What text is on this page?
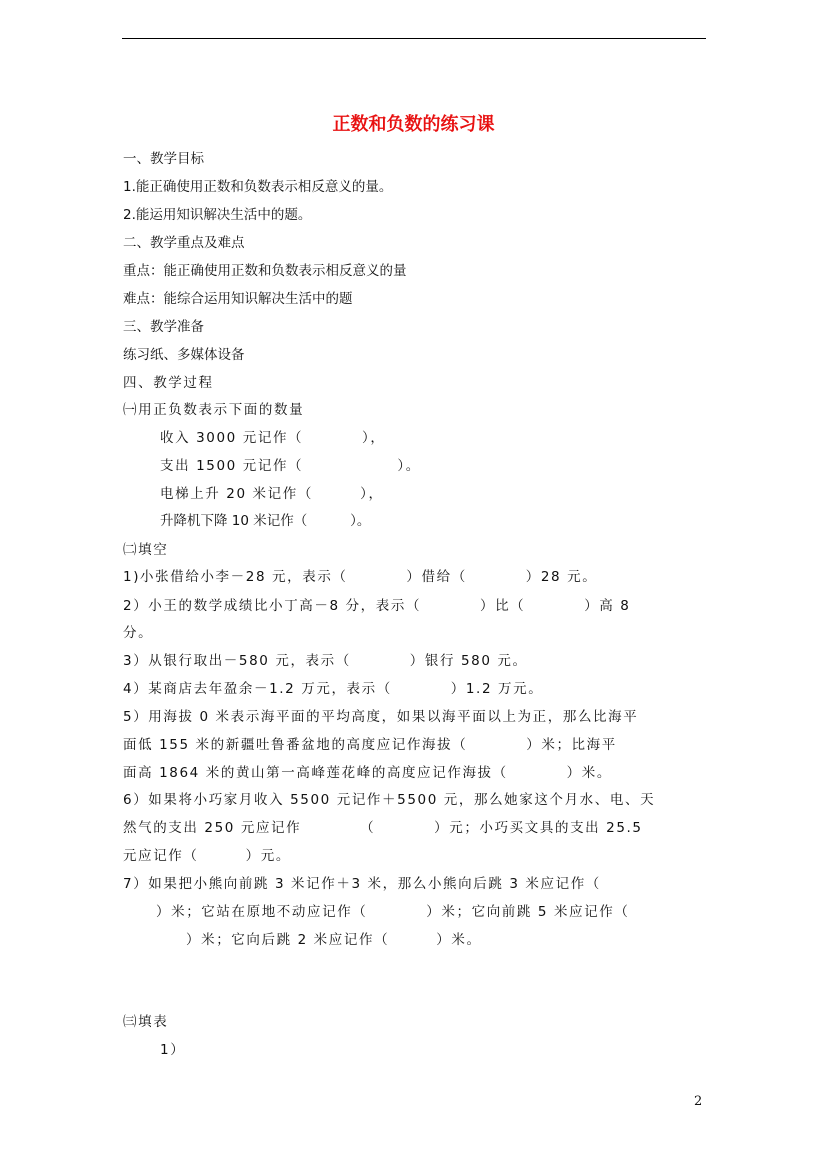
正数和负数的练习课
一、教学目标
1.能正确使用正数和负数表示相反意义的量。
2.能运用知识解决生活中的题。
二、教学重点及难点
重点：能正确使用正数和负数表示相反意义的量
难点：能综合运用知识解决生活中的题
三、教学准备
练习纸、多媒体设备
四、教学过程
㈠用正负数表示下面的数量
收入 3000 元记作（          ），
支出 1500 元记作（                ）。
电梯上升 20 米记作（        ），
升降机下降 10 米记作（          ）。
㈡填空
1)小张借给小李－28 元，表示（          ）借给（          ）28 元。
2）小王的数学成绩比小丁高－8 分，表示（          ）比（          ）高 8
分。
3）从银行取出－580 元，表示（          ）银行 580 元。
4）某商店去年盈余－1.2 万元，表示（          ）1.2 万元。
5）用海拔 0 米表示海平面的平均高度，如果以海平面以上为正，那么比海平
面低 155 米的新疆吐鲁番盆地的高度应记作海拔（          ）米；比海平
面高 1864 米的黄山第一高峰莲花峰的高度应记作海拔（          ）米。
6）如果将小巧家月收入 5500 元记作＋5500 元，那么她家这个月水、电、天
然气的支出 250 元应记作          （          ）元；小巧买文具的支出 25.5
元应记作（        ）元。
7）如果把小熊向前跳 3 米记作＋3 米，那么小熊向后跳 3 米应记作（
）米；它站在原地不动应记作（          ）米；它向前跳 5 米应记作（
）米；它向后跳 2 米应记作（        ）米。
㈢填表
1）
2
